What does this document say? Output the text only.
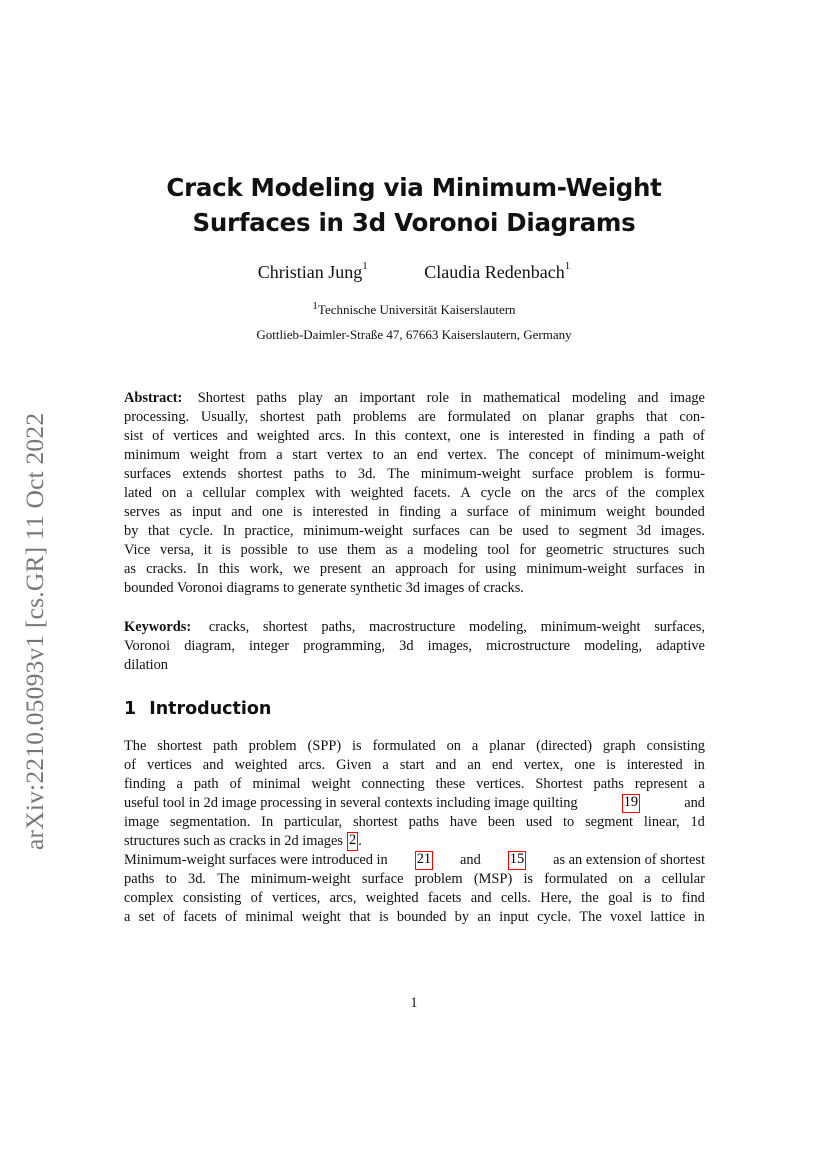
arXiv:2210.05093v1 [cs.GR] 11 Oct 2022
Crack Modeling via Minimum-Weight
Surfaces in 3d Voronoi Diagrams
Christian Jung$^1$	Claudia Redenbach$^1$
$^1$Technische Universität Kaiserslautern
Gottlieb-Daimler-Straße 47, 67663 Kaiserslautern, Germany
Abstract: Shortest paths play an important role in mathematical modeling and image
processing. Usually, shortest path problems are formulated on planar graphs that con-
sist of vertices and weighted arcs. In this context, one is interested in finding a path of
minimum weight from a start vertex to an end vertex. The concept of minimum-weight
surfaces extends shortest paths to 3d. The minimum-weight surface problem is formu-
lated on a cellular complex with weighted facets. A cycle on the arcs of the complex
serves as input and one is interested in finding a surface of minimum weight bounded
by that cycle. In practice, minimum-weight surfaces can be used to segment 3d images.
Vice versa, it is possible to use them as a modeling tool for geometric structures such
as cracks. In this work, we present an approach for using minimum-weight surfaces in
bounded Voronoi diagrams to generate synthetic 3d images of cracks.
Keywords: cracks, shortest paths, macrostructure modeling, minimum-weight surfaces,
Voronoi diagram, integer programming, 3d images, microstructure modeling, adaptive
dilation
1 Introduction
The shortest path problem (SPP) is formulated on a planar (directed) graph consisting
of vertices and weighted arcs. Given a start and an end vertex, one is interested in
finding a path of minimal weight connecting these vertices. Shortest paths represent a
useful tool in 2d image processing in several contexts including image quilting	19	and
image segmentation. In particular, shortest paths have been used to segment linear, 1d
structures such as cracks in 2d images 2 .
Minimum-weight surfaces were introduced in 21 and 15 as an extension of shortest
paths to 3d. The minimum-weight surface problem (MSP) is formulated on a cellular
complex consisting of vertices, arcs, weighted facets and cells. Here, the goal is to find
a set of facets of minimal weight that is bounded by an input cycle. The voxel lattice in
1
